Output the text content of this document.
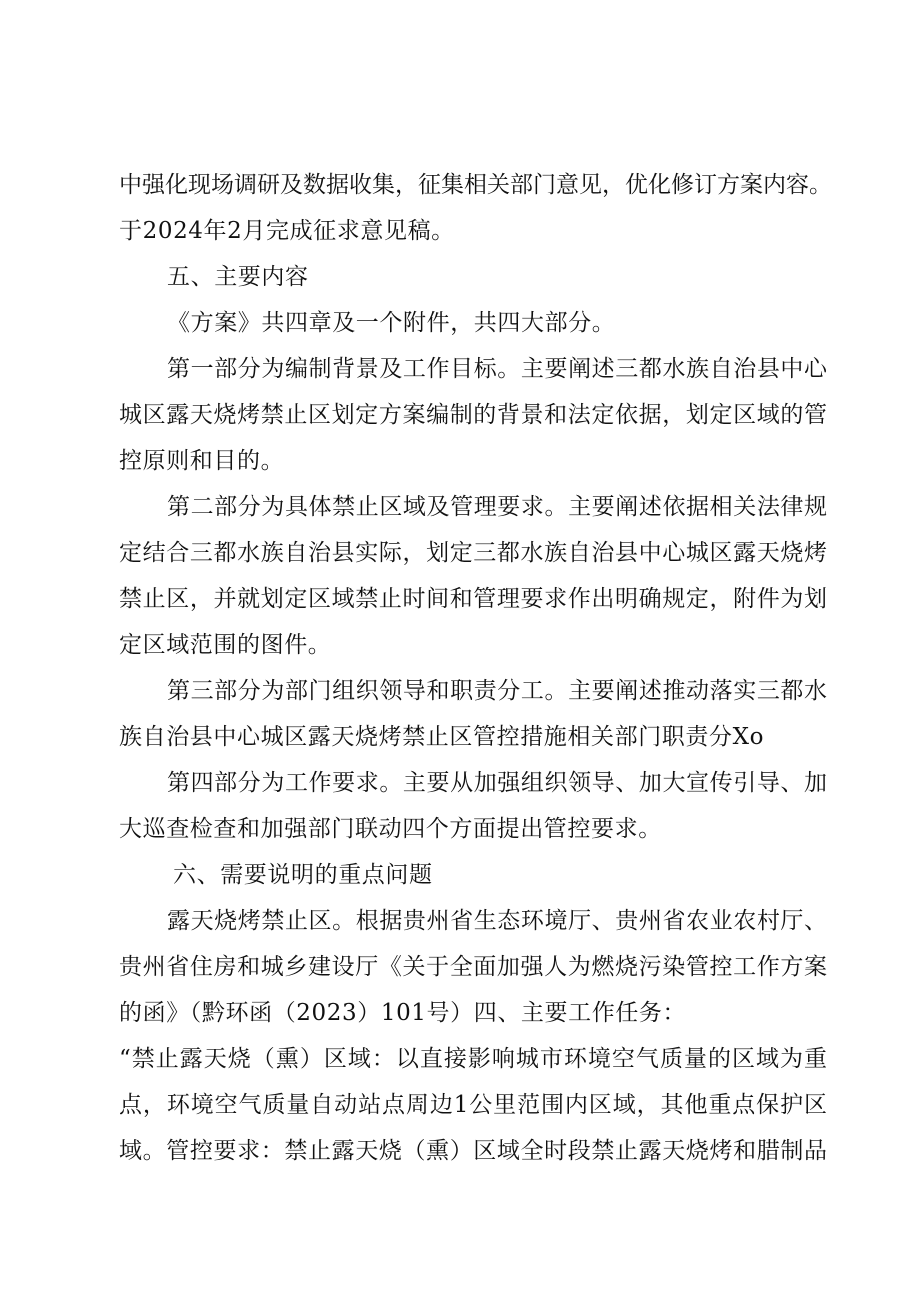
中强化现场调研及数据收集，征集相关部门意见，优化修订方案内容。
于2024年2月完成征求意见稿。
五、主要内容
《方案》共四章及一个附件，共四大部分。
第一部分为编制背景及工作目标。主要阐述三都水族自治县中心
城区露天烧烤禁止区划定方案编制的背景和法定依据，划定区域的管
控原则和目的。
第二部分为具体禁止区域及管理要求。主要阐述依据相关法律规
定结合三都水族自治县实际，划定三都水族自治县中心城区露天烧烤
禁止区，并就划定区域禁止时间和管理要求作出明确规定，附件为划
定区域范围的图件。
第三部分为部门组织领导和职责分工。主要阐述推动落实三都水
族自治县中心城区露天烧烤禁止区管控措施相关部门职责分Xo
第四部分为工作要求。主要从加强组织领导、加大宣传引导、加
大巡查检查和加强部门联动四个方面提出管控要求。
六、需要说明的重点问题
露天烧烤禁止区。根据贵州省生态环境厅、贵州省农业农村厅、
贵州省住房和城乡建设厅《关于全面加强人为燃烧污染管控工作方案
的函》（黔环函（2023）101号）四、主要工作任务：
“禁止露天烧（熏）区域：以直接影响城市环境空气质量的区域为重
点，环境空气质量自动站点周边1公里范围内区域，其他重点保护区
域。管控要求：禁止露天烧（熏）区域全时段禁止露天烧烤和腊制品
